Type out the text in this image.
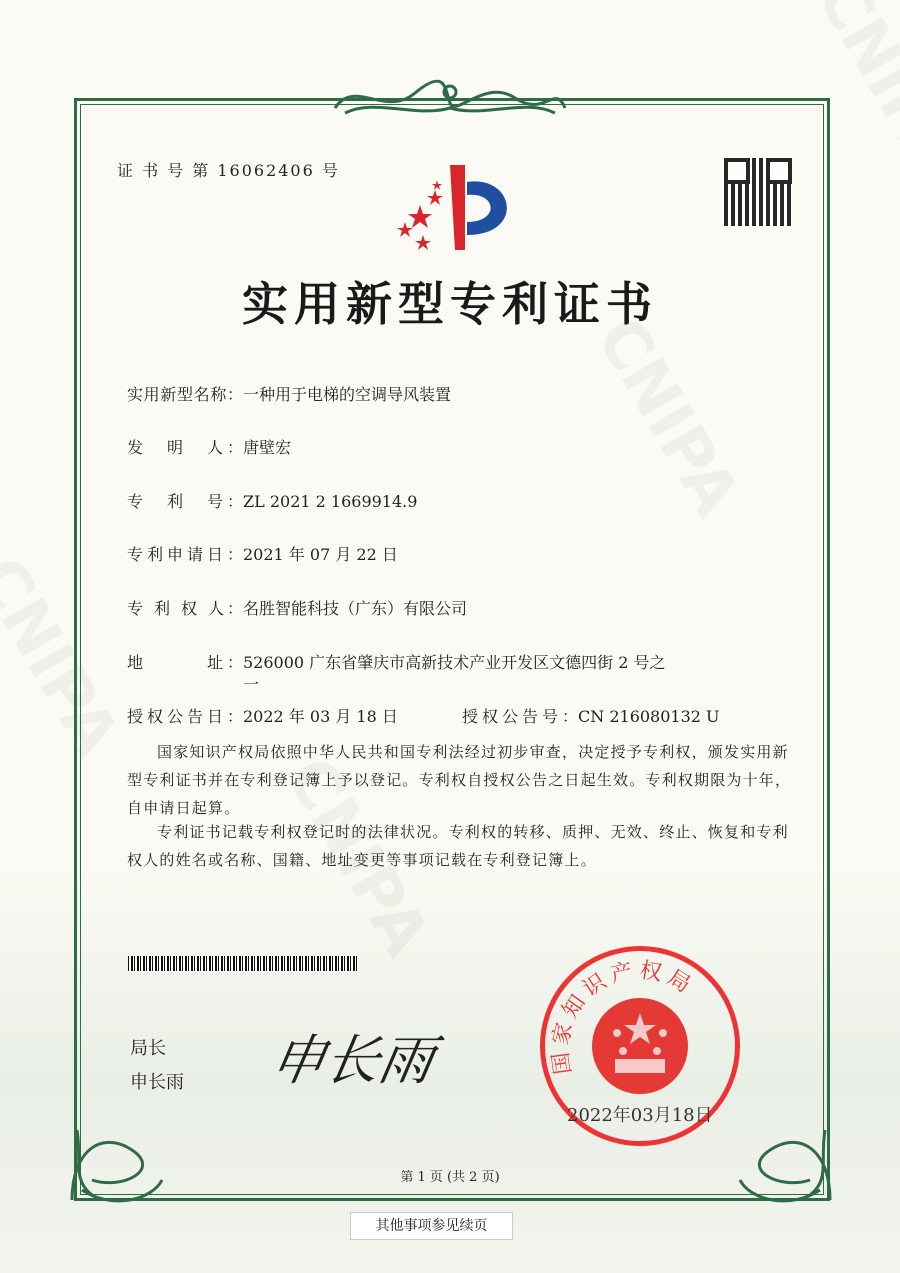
证 书 号 第 16062406 号
实用新型专利证书
实用新型名称：一种用于电梯的空调导风装置
发　明　人：唐壁宏
专　利　号：ZL 2021 2 1669914.9
专利申请日：2021 年 07 月 22 日
专 利 权 人：名胜智能科技（广东）有限公司
地　　　址：526000 广东省肇庆市高新技术产业开发区文德四街 2 号之
一
授权公告日：2022 年 03 月 18 日	授权公告号：CN 216080132 U
国家知识产权局依照中华人民共和国专利法经过初步审查，决定授予专利权，颁发实用新型专利证书并在专利登记簿上予以登记。专利权自授权公告之日起生效。专利权期限为十年，自申请日起算。
专利证书记载专利权登记时的法律状况。专利权的转移、质押、无效、终止、恢复和专利权人的姓名或名称、国籍、地址变更等事项记载在专利登记簿上。
局长
申长雨 申长雨	国家知识产权局
2022年03月18日
第 1 页 (共 2 页)
其他事项参见续页
